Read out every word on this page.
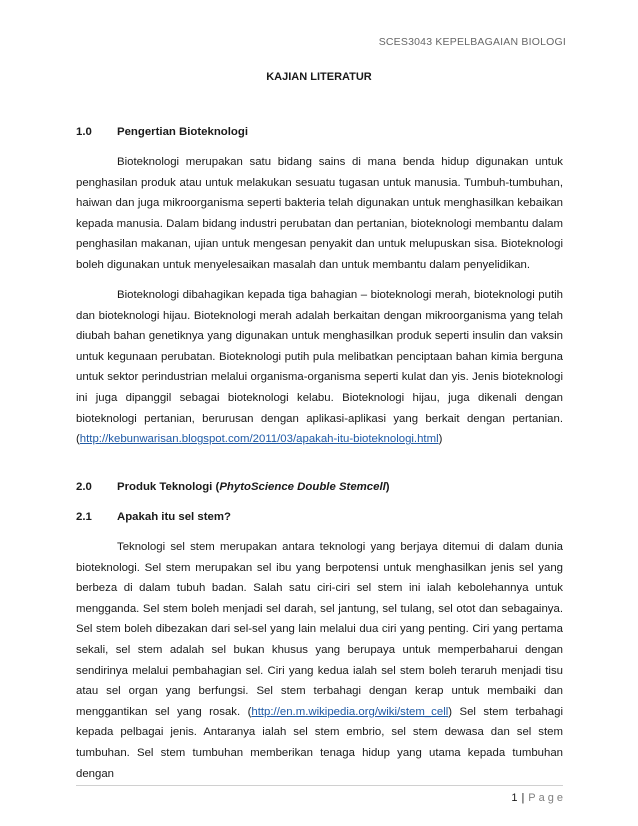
SCES3043 KEPELBAGAIAN BIOLOGI
KAJIAN LITERATUR
1.0 Pengertian Bioteknologi

Bioteknologi merupakan satu bidang sains di mana benda hidup digunakan untuk penghasilan produk atau untuk melakukan sesuatu tugasan untuk manusia. Tumbuh-tumbuhan, haiwan dan juga mikroorganisma seperti bakteria telah digunakan untuk menghasilkan kebaikan kepada manusia. Dalam bidang industri perubatan dan pertanian, bioteknologi membantu dalam penghasilan makanan, ujian untuk mengesan penyakit dan untuk melupuskan sisa. Bioteknologi boleh digunakan untuk menyelesaikan masalah dan untuk membantu dalam penyelidikan.

Bioteknologi dibahagikan kepada tiga bahagian – bioteknologi merah, bioteknologi putih dan bioteknologi hijau. Bioteknologi merah adalah berkaitan dengan mikroorganisma yang telah diubah bahan genetiknya yang digunakan untuk menghasilkan produk seperti insulin dan vaksin untuk kegunaan perubatan. Bioteknologi putih pula melibatkan penciptaan bahan kimia berguna untuk sektor perindustrian melalui organisma-organisma seperti kulat dan yis. Jenis bioteknologi ini juga dipanggil sebagai bioteknologi kelabu. Bioteknologi hijau, juga dikenali dengan bioteknologi pertanian, berurusan dengan aplikasi-aplikasi yang berkait dengan pertanian. (http://kebunwarisan.blogspot.com/2011/03/apakah-itu-bioteknologi.html)

2.0 Produk Teknologi (PhytoScience Double Stemcell)
2.1 Apakah itu sel stem?

Teknologi sel stem merupakan antara teknologi yang berjaya ditemui di dalam dunia bioteknologi. Sel stem merupakan sel ibu yang berpotensi untuk menghasilkan jenis sel yang berbeza di dalam tubuh badan. Salah satu ciri-ciri sel stem ini ialah kebolehannya untuk mengganda. Sel stem boleh menjadi sel darah, sel jantung, sel tulang, sel otot dan sebagainya. Sel stem boleh dibezakan dari sel-sel yang lain melalui dua ciri yang penting. Ciri yang pertama sekali, sel stem adalah sel bukan khusus yang berupaya untuk memperbaharui dengan sendirinya melalui pembahagian sel. Ciri yang kedua ialah sel stem boleh teraruh menjadi tisu atau sel organ yang berfungsi. Sel stem terbahagi dengan kerap untuk membaiki dan menggantikan sel yang rosak. (http://en.m.wikipedia.org/wiki/stem_cell) Sel stem terbahagi kepada pelbagai jenis. Antaranya ialah sel stem embrio, sel stem dewasa dan sel stem tumbuhan. Sel stem tumbuhan memberikan tenaga hidup yang utama kepada tumbuhan dengan

1 | Page
